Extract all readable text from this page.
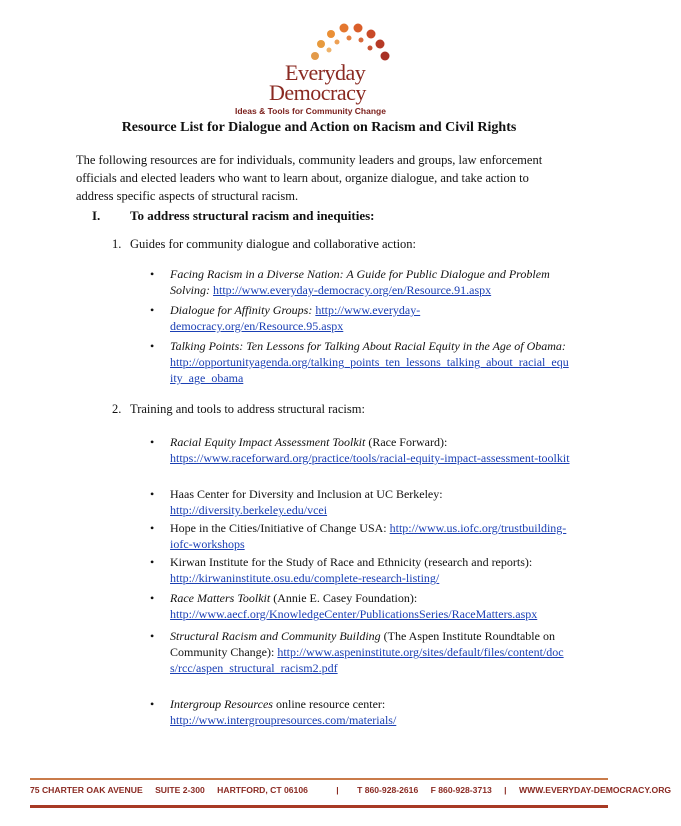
Everyday
Democracy
Ideas & Tools for Community Change
Resource List for Dialogue and Action on Racism and Civil Rights
The following resources are for individuals, community leaders and groups, law enforcement officials and elected leaders who want to learn about, organize dialogue, and take action to address specific aspects of structural racism.
I. To address structural racism and inequities:
1. Guides for community dialogue and collaborative action:
2. Training and tools to address structural racism:
• Facing Racism in a Diverse Nation: A Guide for Public Dialogue and Problem Solving: http://www.everyday-democracy.org/en/Resource.91.aspx
• Dialogue for Affinity Groups: http://www.everyday-democracy.org/en/Resource.95.aspx
• Talking Points: Ten Lessons for Talking About Racial Equity in the Age of Obama: http://opportunityagenda.org/talking_points_ten_lessons_talking_about_racial_equity_age_obama
• Racial Equity Impact Assessment Toolkit (Race Forward): https://www.raceforward.org/practice/tools/racial-equity-impact-assessment-toolkit
• Haas Center for Diversity and Inclusion at UC Berkeley: http://diversity.berkeley.edu/vcei
• Hope in the Cities/Initiative of Change USA: http://www.us.iofc.org/trustbuilding-iofc-workshops
• Kirwan Institute for the Study of Race and Ethnicity (research and reports): http://kirwaninstitute.osu.edu/complete-research-listing/
• Race Matters Toolkit (Annie E. Casey Foundation): http://www.aecf.org/KnowledgeCenter/PublicationsSeries/RaceMatters.aspx
• Structural Racism and Community Building (The Aspen Institute Roundtable on Community Change): http://www.aspeninstitute.org/sites/default/files/content/docs/rcc/aspen_structural_racism2.pdf
• Intergroup Resources online resource center: http://www.intergroupresources.com/materials/
75 CHARTER OAK AVENUE SUITE 2-300 HARTFORD, CT 06106	| T 860-928-2616 F 860-928-3713 | WWW.EVERYDAY-DEMOCRACY.ORG
